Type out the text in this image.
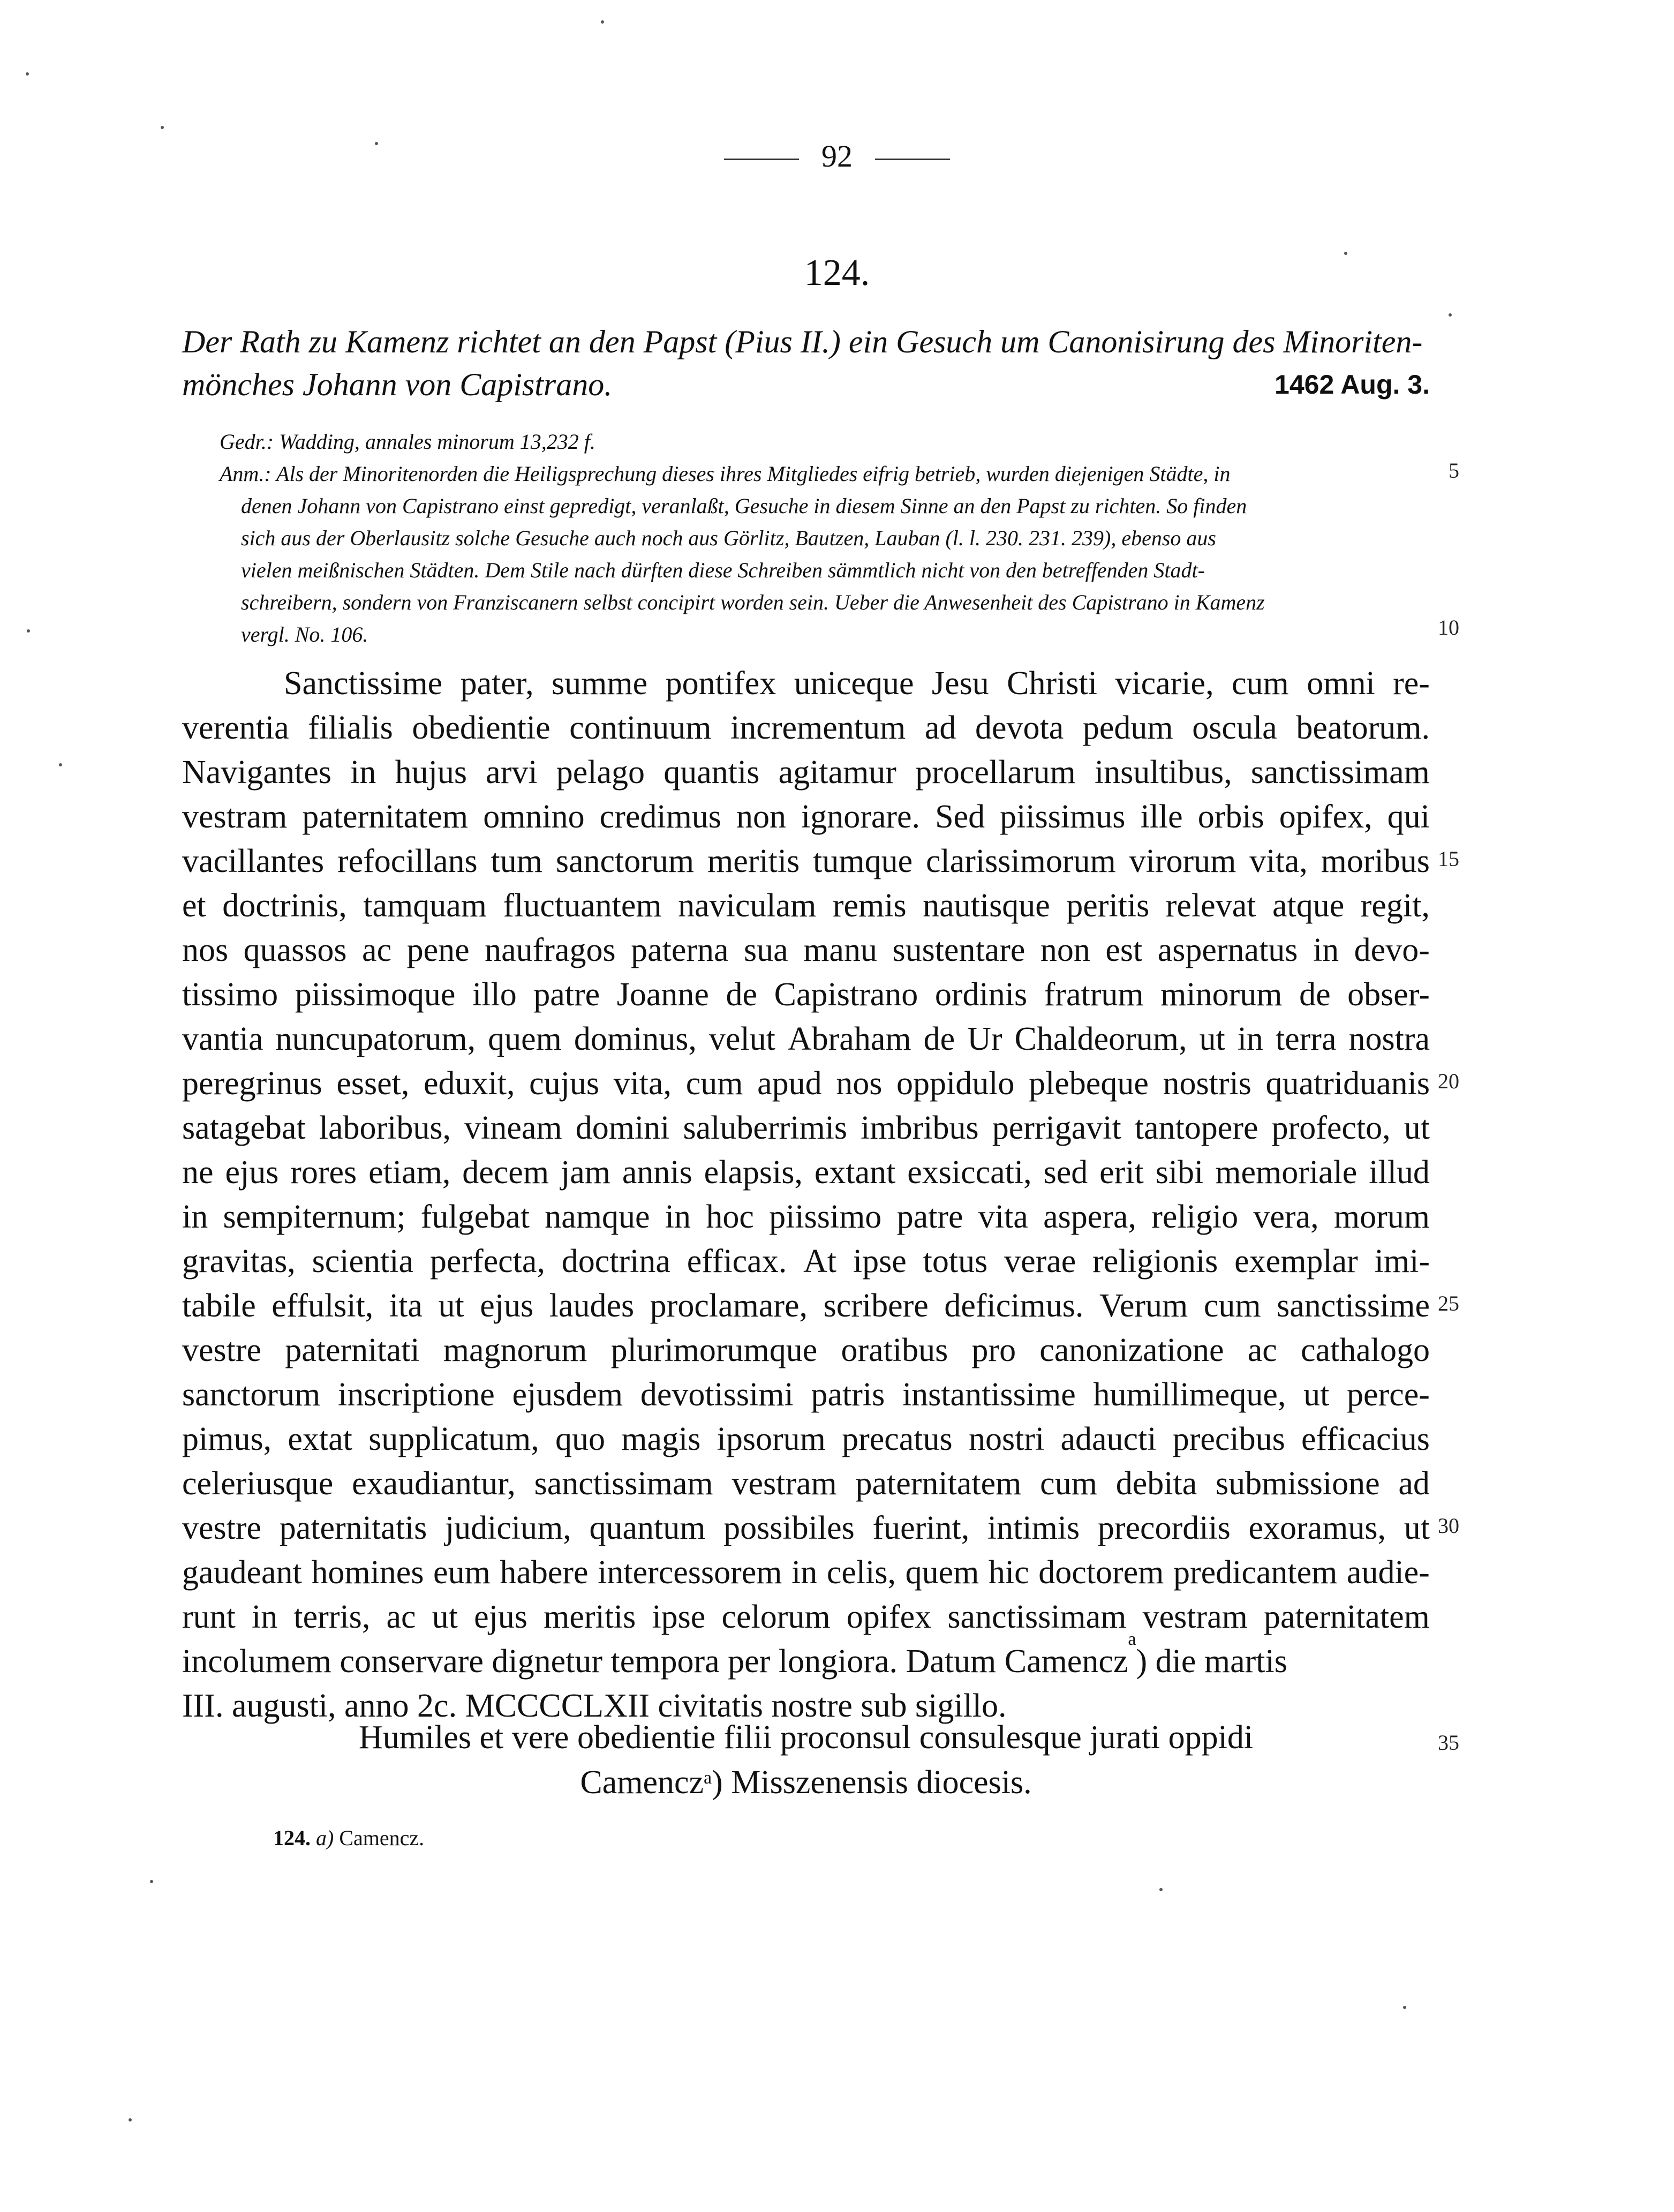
92
124.
Der Rath zu Kamenz richtet an den Papst (Pius II.) ein Gesuch um Canonisirung des Minoriten-
mönches Johann von Capistrano.	1462 Aug. 3.
Gedr.: Wadding, annales minorum 13,232 f.
Anm.: Als der Minoritenorden die Heiligsprechung dieses ihres Mitgliedes eifrig betrieb, wurden diejenigen Städte, in
denen Johann von Capistrano einst gepredigt, veranlaßt, Gesuche in diesem Sinne an den Papst zu richten. So finden
sich aus der Oberlausitz solche Gesuche auch noch aus Görlitz, Bautzen, Lauban (l. l. 230. 231. 239), ebenso aus
vielen meißnischen Städten. Dem Stile nach dürften diese Schreiben sämmtlich nicht von den betreffenden Stadt-
schreibern, sondern von Franziscanern selbst concipirt worden sein. Ueber die Anwesenheit des Capistrano in Kamenz
vergl. No. 106.
Sanctissime pater, summe pontifex uniceque Jesu Christi vicarie, cum omni re-
verentia filialis obedientie continuum incrementum ad devota pedum oscula beatorum.
Navigantes in hujus arvi pelago quantis agitamur procellarum insultibus, sanctissimam
vestram paternitatem omnino credimus non ignorare. Sed piissimus ille orbis opifex, qui
vacillantes refocillans tum sanctorum meritis tumque clarissimorum virorum vita, moribus
et doctrinis, tamquam fluctuantem naviculam remis nautisque peritis relevat atque regit,
nos quassos ac pene naufragos paterna sua manu sustentare non est aspernatus in devo-
tissimo piissimoque illo patre Joanne de Capistrano ordinis fratrum minorum de obser-
vantia nuncupatorum, quem dominus, velut Abraham de Ur Chaldeorum, ut in terra nostra
peregrinus esset, eduxit, cujus vita, cum apud nos oppidulo plebeque nostris quatriduanis
satagebat laboribus, vineam domini saluberrimis imbribus perrigavit tantopere profecto, ut
ne ejus rores etiam, decem jam annis elapsis, extant exsiccati, sed erit sibi memoriale illud
in sempiternum; fulgebat namque in hoc piissimo patre vita aspera, religio vera, morum
gravitas, scientia perfecta, doctrina efficax. At ipse totus verae religionis exemplar imi-
tabile effulsit, ita ut ejus laudes proclamare, scribere deficimus. Verum cum sanctissime
vestre paternitati magnorum plurimorumque oratibus pro canonizatione ac cathalogo
sanctorum inscriptione ejusdem devotissimi patris instantissime humillimeque, ut perce-
pimus, extat supplicatum, quo magis ipsorum precatus nostri adaucti precibus efficacius
celeriusque exaudiantur, sanctissimam vestram paternitatem cum debita submissione ad
vestre paternitatis judicium, quantum possibiles fuerint, intimis precordiis exoramus, ut
gaudeant homines eum habere intercessorem in celis, quem hic doctorem predicantem audie-
runt in terris, ac ut ejus meritis ipse celorum opifex sanctissimam vestram paternitatem
incolumem conservare dignetur tempora per longiora. Datum Camencz
a
) die martis
III. augusti, anno 2c. MCCCCLXII civitatis nostre sub sigillo.
Humiles et vere obedientie filii proconsul consulesque jurati oppidi
Camencz$^a$) Misszenensis diocesis.
5
10
15
20
25
30
35
124. a) Camencz.
